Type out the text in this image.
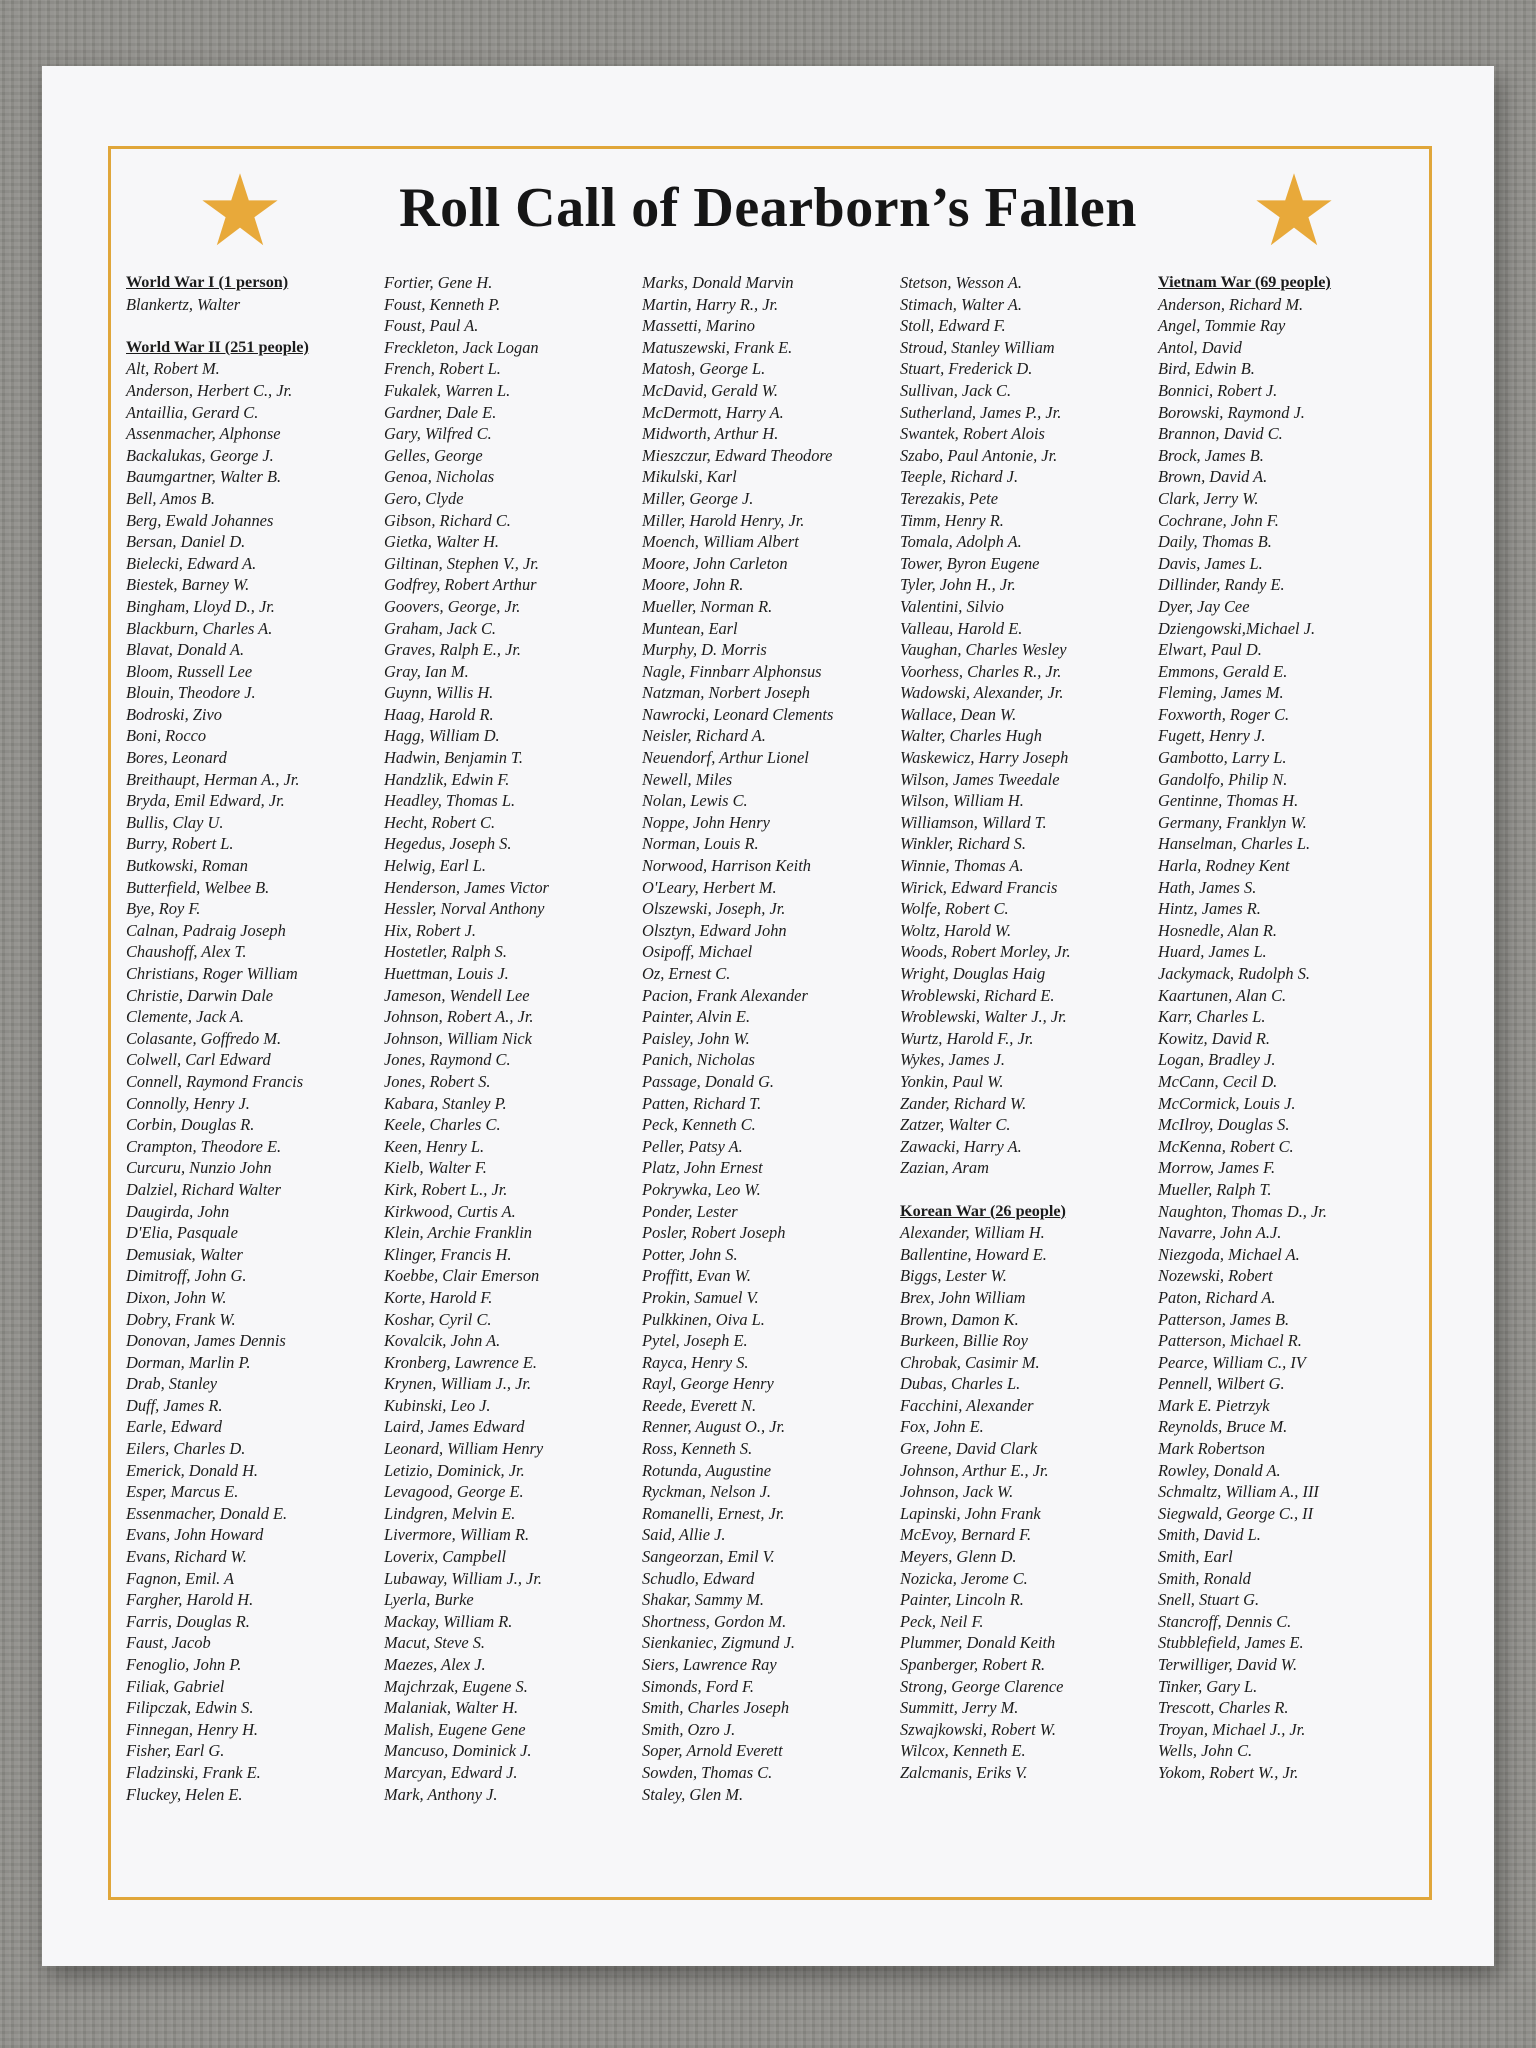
Roll Call of Dearborn’s Fallen
World War I (1 person)
Blankertz, Walter
World War II (251 people)
Alt, Robert M.
Anderson, Herbert C., Jr.
Antaillia, Gerard C.
Assenmacher, Alphonse
Backalukas, George J.
Baumgartner, Walter B.
Bell, Amos B.
Berg, Ewald Johannes
Bersan, Daniel D.
Bielecki, Edward A.
Biestek, Barney W.
Bingham, Lloyd D., Jr.
Blackburn, Charles A.
Blavat, Donald A.
Bloom, Russell Lee
Blouin, Theodore J.
Bodroski, Zivo
Boni, Rocco
Bores, Leonard
Breithaupt, Herman A., Jr.
Bryda, Emil Edward, Jr.
Bullis, Clay U.
Burry, Robert L.
Butkowski, Roman
Butterfield, Welbee B.
Bye, Roy F.
Calnan, Padraig Joseph
Chaushoff, Alex T.
Christians, Roger William
Christie, Darwin Dale
Clemente, Jack A.
Colasante, Goffredo M.
Colwell, Carl Edward
Connell, Raymond Francis
Connolly, Henry J.
Corbin, Douglas R.
Crampton, Theodore E.
Curcuru, Nunzio John
Dalziel, Richard Walter
Daugirda, John
D'Elia, Pasquale
Demusiak, Walter
Dimitroff, John G.
Dixon, John W.
Dobry, Frank W.
Donovan, James Dennis
Dorman, Marlin P.
Drab, Stanley
Duff, James R.
Earle, Edward
Eilers, Charles D.
Emerick, Donald H.
Esper, Marcus E.
Essenmacher, Donald E.
Evans, John Howard
Evans, Richard W.
Fagnon, Emil. A
Fargher, Harold H.
Farris, Douglas R.
Faust, Jacob
Fenoglio, John P.
Filiak, Gabriel
Filipczak, Edwin S.
Finnegan, Henry H.
Fisher, Earl G.
Fladzinski, Frank E.
Fluckey, Helen E.
Fortier, Gene H.
Foust, Kenneth P.
Foust, Paul A.
Freckleton, Jack Logan
French, Robert L.
Fukalek, Warren L.
Gardner, Dale E.
Gary, Wilfred C.
Gelles, George
Genoa, Nicholas
Gero, Clyde
Gibson, Richard C.
Gietka, Walter H.
Giltinan, Stephen V., Jr.
Godfrey, Robert Arthur
Goovers, George, Jr.
Graham, Jack C.
Graves, Ralph E., Jr.
Gray, Ian M.
Guynn, Willis H.
Haag, Harold R.
Hagg, William D.
Hadwin, Benjamin T.
Handzlik, Edwin F.
Headley, Thomas L.
Hecht, Robert C.
Hegedus, Joseph S.
Helwig, Earl L.
Henderson, James Victor
Hessler, Norval Anthony
Hix, Robert J.
Hostetler, Ralph S.
Huettman, Louis J.
Jameson, Wendell Lee
Johnson, Robert A., Jr.
Johnson, William Nick
Jones, Raymond C.
Jones, Robert S.
Kabara, Stanley P.
Keele, Charles C.
Keen, Henry L.
Kielb, Walter F.
Kirk, Robert L., Jr.
Kirkwood, Curtis A.
Klein, Archie Franklin
Klinger, Francis H.
Koebbe, Clair Emerson
Korte, Harold F.
Koshar, Cyril C.
Kovalcik, John A.
Kronberg, Lawrence E.
Krynen, William J., Jr.
Kubinski, Leo J.
Laird, James Edward
Leonard, William Henry
Letizio, Dominick, Jr.
Levagood, George E.
Lindgren, Melvin E.
Livermore, William R.
Loverix, Campbell
Lubaway, William J., Jr.
Lyerla, Burke
Mackay, William R.
Macut, Steve S.
Maezes, Alex J.
Majchrzak, Eugene S.
Malaniak, Walter H.
Malish, Eugene Gene
Mancuso, Dominick J.
Marcyan, Edward J.
Mark, Anthony J.
Marks, Donald Marvin
Martin, Harry R., Jr.
Massetti, Marino
Matuszewski, Frank E.
Matosh, George L.
McDavid, Gerald W.
McDermott, Harry A.
Midworth, Arthur H.
Mieszczur, Edward Theodore
Mikulski, Karl
Miller, George J.
Miller, Harold Henry, Jr.
Moench, William Albert
Moore, John Carleton
Moore, John R.
Mueller, Norman R.
Muntean, Earl
Murphy, D. Morris
Nagle, Finnbarr Alphonsus
Natzman, Norbert Joseph
Nawrocki, Leonard Clements
Neisler, Richard A.
Neuendorf, Arthur Lionel
Newell, Miles
Nolan, Lewis C.
Noppe, John Henry
Norman, Louis R.
Norwood, Harrison Keith
O'Leary, Herbert M.
Olszewski, Joseph, Jr.
Olsztyn, Edward John
Osipoff, Michael
Oz, Ernest C.
Pacion, Frank Alexander
Painter, Alvin E.
Paisley, John W.
Panich, Nicholas
Passage, Donald G.
Patten, Richard T.
Peck, Kenneth C.
Peller, Patsy A.
Platz, John Ernest
Pokrywka, Leo W.
Ponder, Lester
Posler, Robert Joseph
Potter, John S.
Proffitt, Evan W.
Prokin, Samuel V.
Pulkkinen, Oiva L.
Pytel, Joseph E.
Rayca, Henry S.
Rayl, George Henry
Reede, Everett N.
Renner, August O., Jr.
Ross, Kenneth S.
Rotunda, Augustine
Ryckman, Nelson J.
Romanelli, Ernest, Jr.
Said, Allie J.
Sangeorzan, Emil V.
Schudlo, Edward
Shakar, Sammy M.
Shortness, Gordon M.
Sienkaniec, Zigmund J.
Siers, Lawrence Ray
Simonds, Ford F.
Smith, Charles Joseph
Smith, Ozro J.
Soper, Arnold Everett
Sowden, Thomas C.
Staley, Glen M.
Stetson, Wesson A.
Stimach, Walter A.
Stoll, Edward F.
Stroud, Stanley William
Stuart, Frederick D.
Sullivan, Jack C.
Sutherland, James P., Jr.
Swantek, Robert Alois
Szabo, Paul Antonie, Jr.
Teeple, Richard J.
Terezakis, Pete
Timm, Henry R.
Tomala, Adolph A.
Tower, Byron Eugene
Tyler, John H., Jr.
Valentini, Silvio
Valleau, Harold E.
Vaughan, Charles Wesley
Voorhess, Charles R., Jr.
Wadowski, Alexander, Jr.
Wallace, Dean W.
Walter, Charles Hugh
Waskewicz, Harry Joseph
Wilson, James Tweedale
Wilson, William H.
Williamson, Willard T.
Winkler, Richard S.
Winnie, Thomas A.
Wirick, Edward Francis
Wolfe, Robert C.
Woltz, Harold W.
Woods, Robert Morley, Jr.
Wright, Douglas Haig
Wroblewski, Richard E.
Wroblewski, Walter J., Jr.
Wurtz, Harold F., Jr.
Wykes, James J.
Yonkin, Paul W.
Zander, Richard W.
Zatzer, Walter C.
Zawacki, Harry A.
Zazian, Aram
Korean War (26 people)
Alexander, William H.
Ballentine, Howard E.
Biggs, Lester W.
Brex, John William
Brown, Damon K.
Burkeen, Billie Roy
Chrobak, Casimir M.
Dubas, Charles L.
Facchini, Alexander
Fox, John E.
Greene, David Clark
Johnson, Arthur E., Jr.
Johnson, Jack W.
Lapinski, John Frank
McEvoy, Bernard F.
Meyers, Glenn D.
Nozicka, Jerome C.
Painter, Lincoln R.
Peck, Neil F.
Plummer, Donald Keith
Spanberger, Robert R.
Strong, George Clarence
Summitt, Jerry M.
Szwajkowski, Robert W.
Wilcox, Kenneth E.
Zalcmanis, Eriks V.
Vietnam War (69 people)
Anderson, Richard M.
Angel, Tommie Ray
Antol, David
Bird, Edwin B.
Bonnici, Robert J.
Borowski, Raymond J.
Brannon, David C.
Brock, James B.
Brown, David A.
Clark, Jerry W.
Cochrane, John F.
Daily, Thomas B.
Davis, James L.
Dillinder, Randy E.
Dyer, Jay Cee
Dziengowski,Michael J.
Elwart, Paul D.
Emmons, Gerald E.
Fleming, James M.
Foxworth, Roger C.
Fugett, Henry J.
Gambotto, Larry L.
Gandolfo, Philip N.
Gentinne, Thomas H.
Germany, Franklyn W.
Hanselman, Charles L.
Harla, Rodney Kent
Hath, James S.
Hintz, James R.
Hosnedle, Alan R.
Huard, James L.
Jackymack, Rudolph S.
Kaartunen, Alan C.
Karr, Charles L.
Kowitz, David R.
Logan, Bradley J.
McCann, Cecil D.
McCormick, Louis J.
McIlroy, Douglas S.
McKenna, Robert C.
Morrow, James F.
Mueller, Ralph T.
Naughton, Thomas D., Jr.
Navarre, John A.J.
Niezgoda, Michael A.
Nozewski, Robert
Paton, Richard A.
Patterson, James B.
Patterson, Michael R.
Pearce, William C., IV
Pennell, Wilbert G.
Mark E. Pietrzyk
Reynolds, Bruce M.
Mark Robertson
Rowley, Donald A.
Schmaltz, William A., III
Siegwald, George C., II
Smith, David L.
Smith, Earl
Smith, Ronald
Snell, Stuart G.
Stancroff, Dennis C.
Stubblefield, James E.
Terwilliger, David W.
Tinker, Gary L.
Trescott, Charles R.
Troyan, Michael J., Jr.
Wells, John C.
Yokom, Robert W., Jr.
